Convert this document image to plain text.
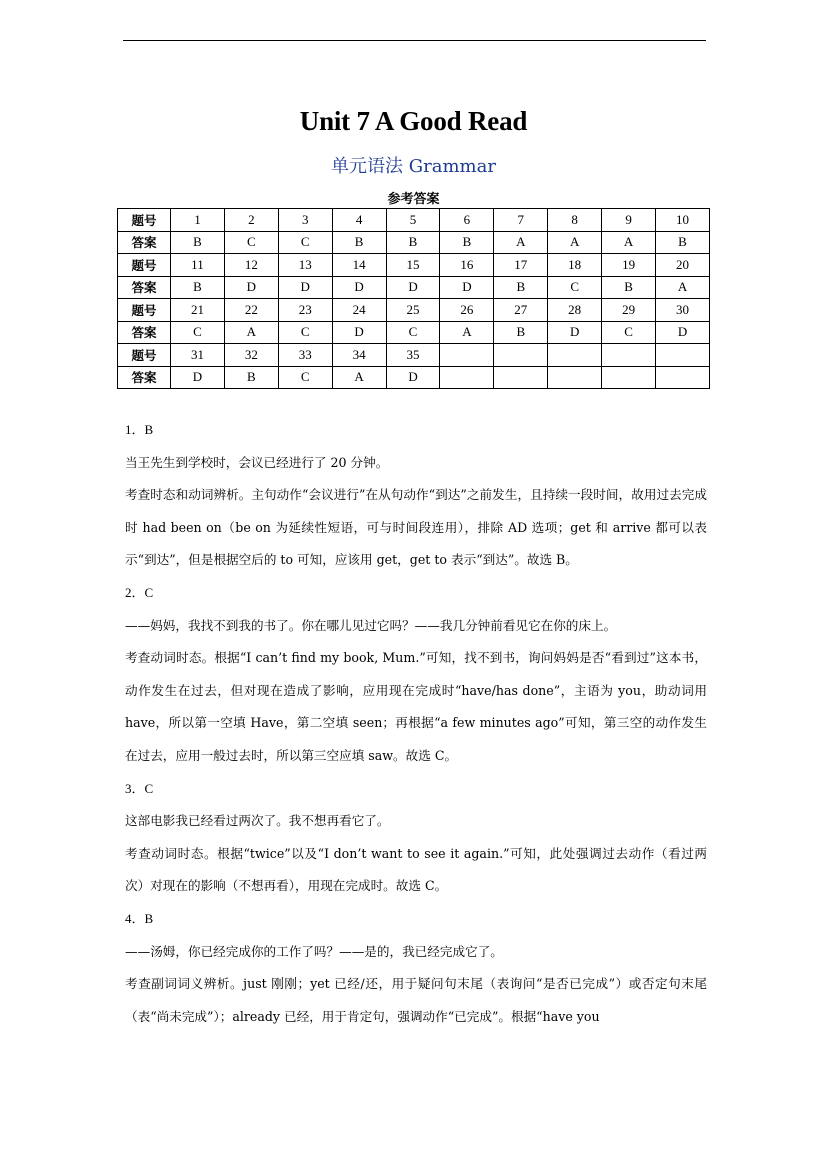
Unit 7 A Good Read
单元语法 Grammar
参考答案
题号	1	2	3	4	5	6	7	8	9	10
答案	B	C	C	B	B	B	A	A	A	B
题号	11	12	13	14	15	16	17	18	19	20
答案	B	D	D	D	D	D	B	C	B	A
题号	21	22	23	24	25	26	27	28	29	30
答案	C	A	C	D	C	A	B	D	C	D
题号	31	32	33	34	35					
答案	D	B	C	A	D					

1．B

当王先生到学校时，会议已经进行了 20 分钟。

考查时态和动词辨析。主句动作“会议进行”在从句动作“到达”之前发生，且持续一段时间，故用过去完成时 had been on（be on 为延续性短语，可与时间段连用），排除 AD 选项；get 和 arrive 都可以表示“到达”，但是根据空后的 to 可知，应该用 get，get to 表示“到达”。故选 B。

2．C

——妈妈，我找不到我的书了。你在哪儿见过它吗？——我几分钟前看见它在你的床上。

考查动词时态。根据“I can’t find my book, Mum.”可知，找不到书，询问妈妈是否“看到过”这本书，动作发生在过去，但对现在造成了影响，应用现在完成时“have/has done”，主语为 you，助动词用 have，所以第一空填 Have，第二空填 seen；再根据“a few minutes ago”可知，第三空的动作发生在过去，应用一般过去时，所以第三空应填 saw。故选 C。

3．C

这部电影我已经看过两次了。我不想再看它了。

考查动词时态。根据“twice”以及“I don’t want to see it again.”可知，此处强调过去动作（看过两次）对现在的影响（不想再看），用现在完成时。故选 C。

4．B

——汤姆，你已经完成你的工作了吗？——是的，我已经完成它了。

考查副词词义辨析。just 刚刚；yet 已经/还，用于疑问句末尾（表询问“是否已完成”）或否定句末尾（表“尚未完成”）；already 已经，用于肯定句，强调动作“已完成”。根据“have you
